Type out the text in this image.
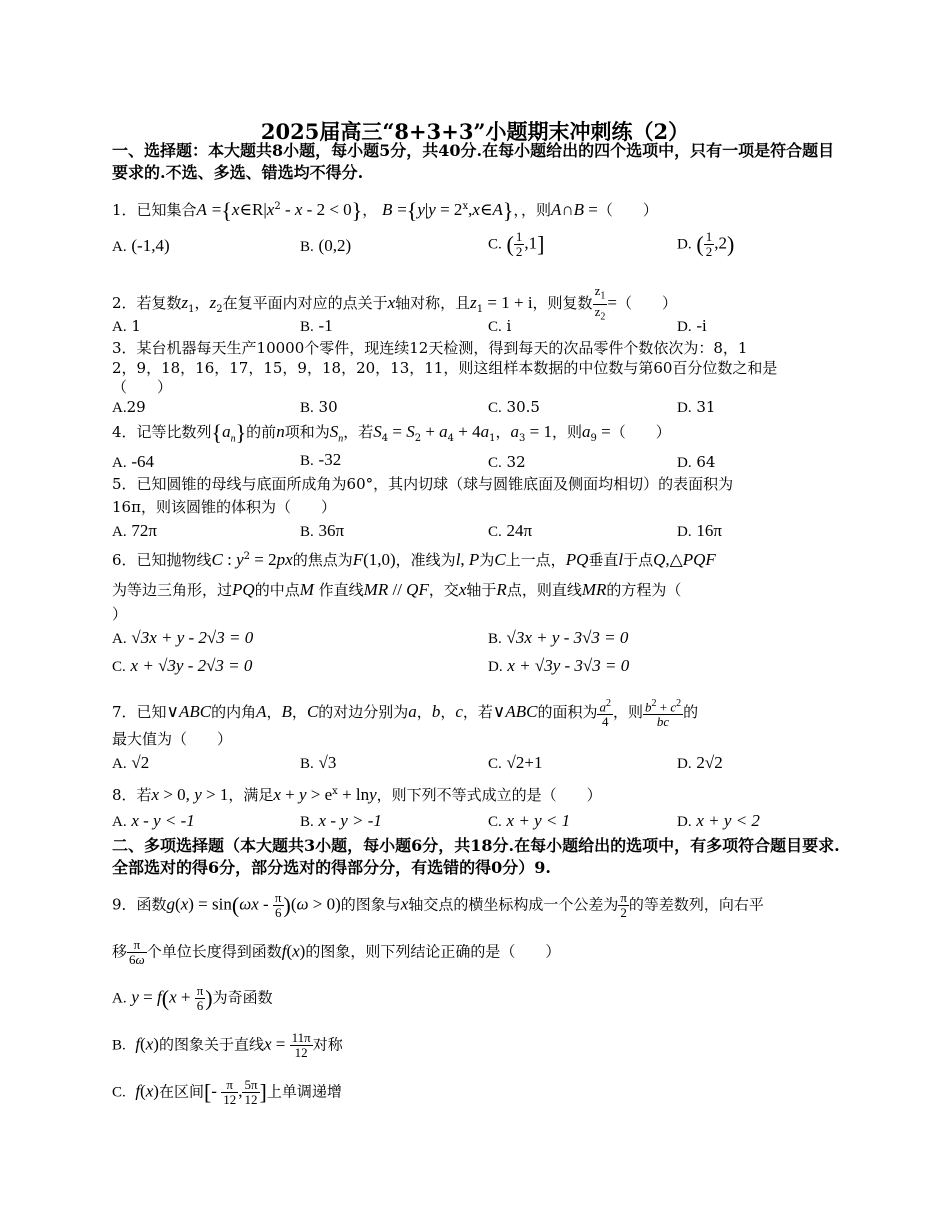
2025届高三“8+3+3”小题期末冲刺练（2）
一、选择题：本大题共8小题，每小题5分，共40分.在每小题给出的四个选项中，只有一项是符合题目要求的.不选、多选、错选均不得分.
1．已知集合$A =\{x\in R|x^2 - x - 2 < 0\}$， $B =\{y|y = 2^x,x\in A\}$，，则A∩B =（　　）
A. (-1,4)	B. (0,2)	C. ( $\frac{1}{2} ,1$]	D. ( $\frac{1}{2} ,2$)
2．若复数$z_1$，$z_2$在复平面内对应的点关于x轴对称，且$z_1 = 1 + i$，则复数 $\frac{z_1}{z_2}$ =（　　）
A. 1	B. -1	C. i	D. -i
3．某台机器每天生产10000个零件，现连续12天检测，得到每天的次品零件个数依次为：8，1
2，9，18，16，17，15，9，18，20，13，11，则这组样本数据的中位数与第60百分位数之和是
（　　）
A.29	B. 30	C. 30.5	D. 31
4．记等比数列$\{a_n\}$的前n项和为$S_n$，若$S_4 = S_2 + a_4 + 4a_1$，$a_3 = 1$，则$a_9$ =（　　）
A. -64	B. -32	C. 32	D. 64
5．已知圆锥的母线与底面所成角为60°，其内切球（球与圆锥底面及侧面均相切）的表面积为
16π，则该圆锥的体积为（　　）
A. 72π	B. 36π	C. 24π	D. 16π
6．已知抛物线C : $y^2 = 2px$的焦点为F(1,0)，准线为l, P为C上一点，PQ垂直l于点Q,△PQF
为等边三角形，过PQ的中点M 作直线MR // QF，交x轴于R点，则直线MR的方程为（
）
A. √3x + y - 2√3 = 0	B. √3x + y - 3√3 = 0
C. x + √3y - 2√3 = 0	D. x + √3y - 3√3 = 0
7．已知∨ABC的内角A，B，C的对边分别为a，b，c，若∨ABC的面积为 $\frac{a^2}{4}$ ，则 $\frac{b^2 + c^2}{bc}$ 的
最大值为（　　）
A. √2	B. √3	C. √2+1	D. 2√2
8．若x > 0, y > 1，满足$x + y > e^x + \ln y$，则下列不等式成立的是（　　）
A. x - y < -1	B. x - y > -1	C. x + y < 1	D. x + y < 2
二、多项选择题（本大题共3小题，每小题6分，共18分.在每小题给出的选项中，有多项符合题目要求.全部选对的得6分，部分选对的得部分分，有选错的得0分）9.
9．函数$g(x) = \sin(\omega x - \frac{\pi}{6} )(\omega > 0)$的图象与x轴交点的横坐标构成一个公差为 $\frac{\pi}{2}$ 的等差数列，向右平
移 $\frac{\pi}{6\omega}$ 个单位长度得到函数f(x)的图象，则下列结论正确的是（　　）
A. $y = f(x + \frac{\pi}{6}$ )为奇函数
B. f(x)的图象关于直线$x = \frac{11\pi}{12}$ 对称
C. f(x)在区间[- $\frac{\pi}{12}$ , $\frac{5\pi}{12}$ ]上单调递增
